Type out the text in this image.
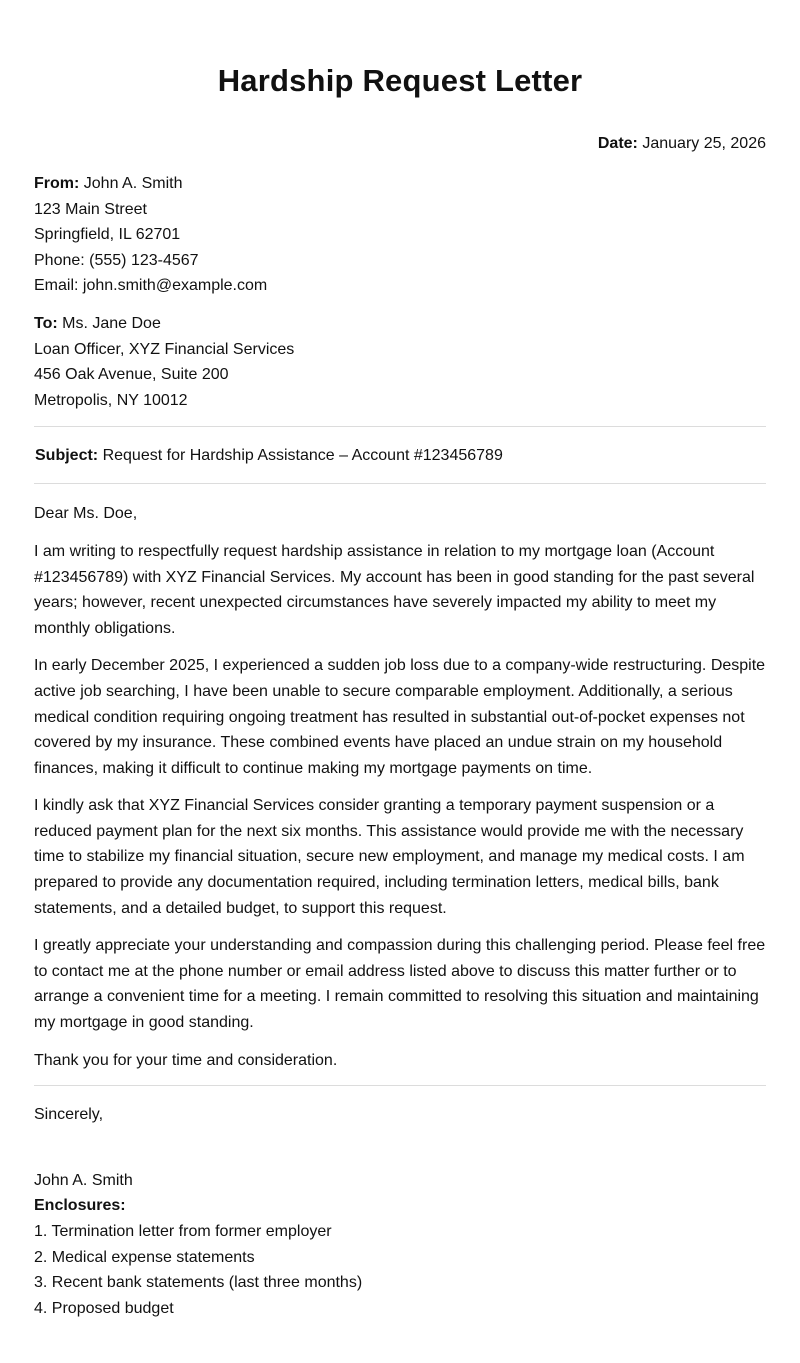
Hardship Request Letter
Date: January 25, 2026
From: John A. Smith
123 Main Street
Springfield, IL 62701
Phone: (555) 123-4567
Email: john.smith@example.com
To: Ms. Jane Doe
Loan Officer, XYZ Financial Services
456 Oak Avenue, Suite 200
Metropolis, NY 10012
Subject: Request for Hardship Assistance – Account #123456789

Dear Ms. Doe,

I am writing to respectfully request hardship assistance in relation to my mortgage loan (Account #123456789) with XYZ Financial Services. My account has been in good standing for the past several years; however, recent unexpected circumstances have severely impacted my ability to meet my monthly obligations.

In early December 2025, I experienced a sudden job loss due to a company-wide restructuring. Despite active job searching, I have been unable to secure comparable employment. Additionally, a serious medical condition requiring ongoing treatment has resulted in substantial out-of-pocket expenses not covered by my insurance. These combined events have placed an undue strain on my household finances, making it difficult to continue making my mortgage payments on time.

I kindly ask that XYZ Financial Services consider granting a temporary payment suspension or a reduced payment plan for the next six months. This assistance would provide me with the necessary time to stabilize my financial situation, secure new employment, and manage my medical costs. I am prepared to provide any documentation required, including termination letters, medical bills, bank statements, and a detailed budget, to support this request.

I greatly appreciate your understanding and compassion during this challenging period. Please feel free to contact me at the phone number or email address listed above to discuss this matter further or to arrange a convenient time for a meeting. I remain committed to resolving this situation and maintaining my mortgage in good standing.

Thank you for your time and consideration.

Sincerely,
John A. Smith
Enclosures:
1. Termination letter from former employer
2. Medical expense statements
3. Recent bank statements (last three months)
4. Proposed budget
